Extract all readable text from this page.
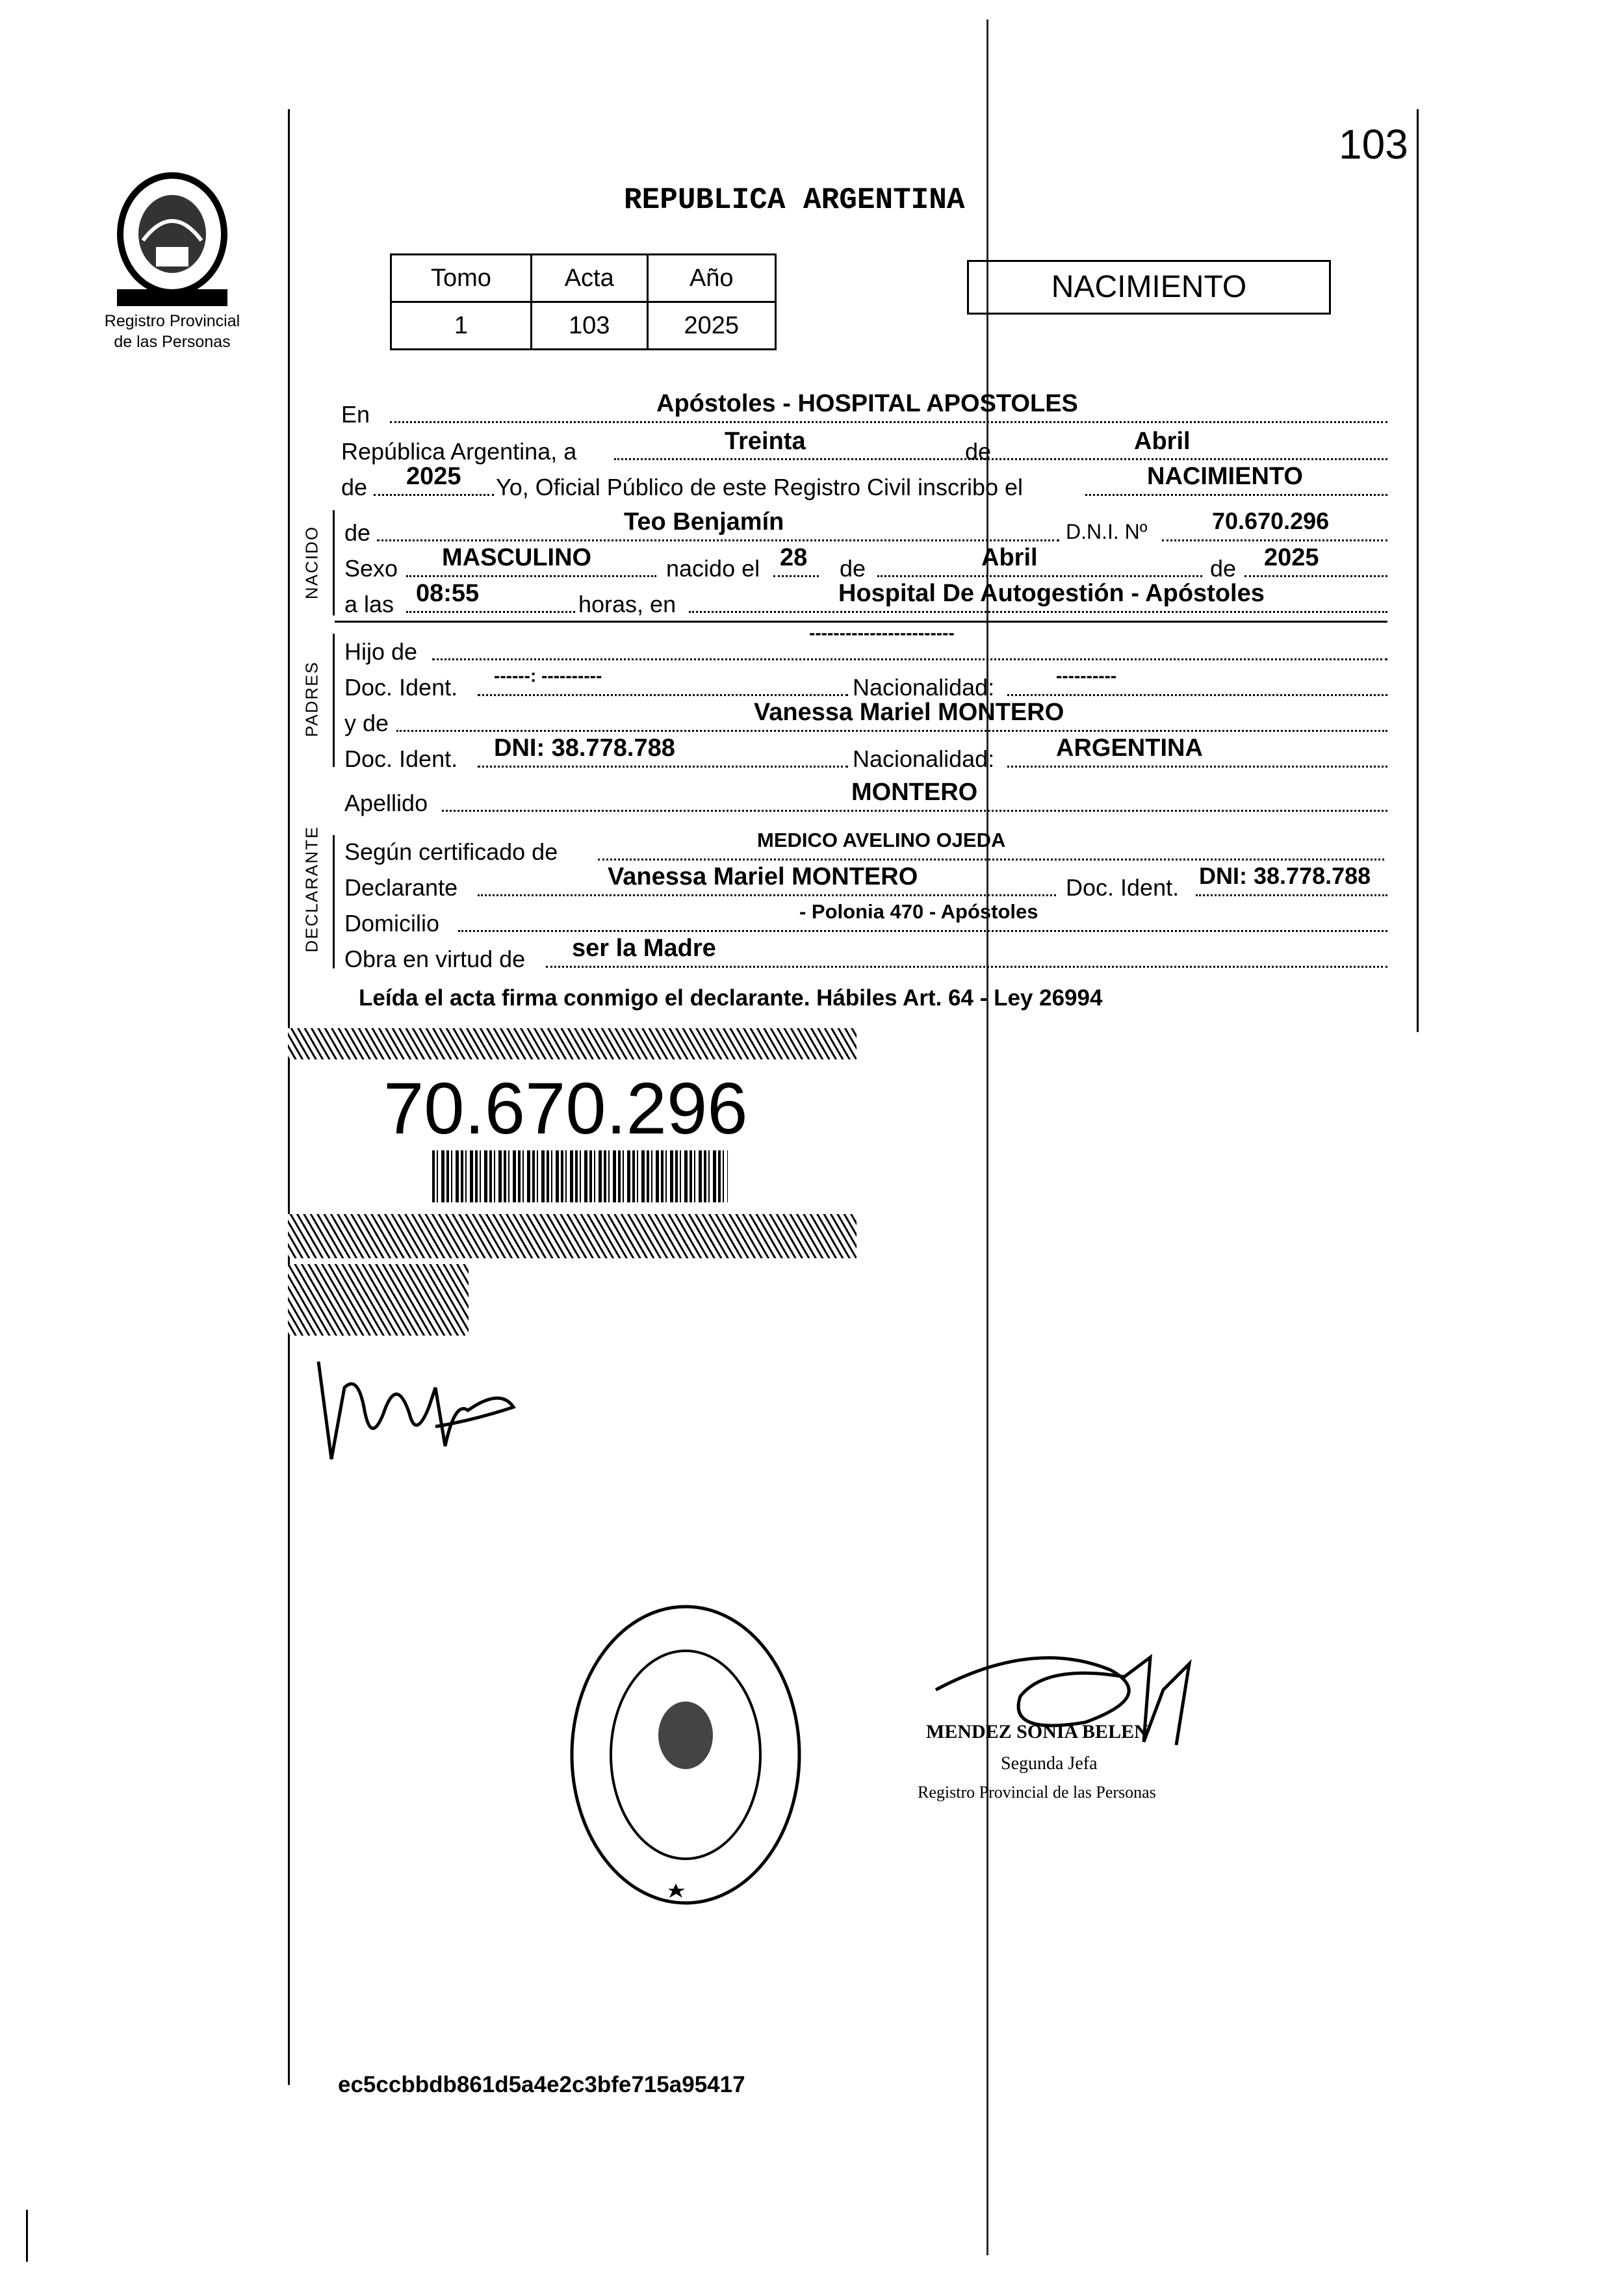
103
Registro Provincial
de las Personas
REPUBLICA ARGENTINA
Tomo	Acta	Año
1	103	2025
NACIMIENTO
En	Apóstoles - HOSPITAL APOSTOLES
República Argentina, a	Treinta	de	Abril
de 2025 Yo, Oficial Público de este Registro Civil inscribo el	NACIMIENTO
NACIDO de	Teo Benjamín	D.N.I. Nº	70.670.296
Sexo MASCULINO	nacido el 28 de	Abril	de 2025
a las 08:55	horas, en	Hospital De Autogestión - Apóstoles
PADRES
Hijo de
------------------------
Doc. Ident. ------: ----------	Nacionalidad:	----------
y de	Vanessa Mariel MONTERO
Doc. Ident. DNI: 38.778.788	Nacionalidad: ARGENTINA
Apellido	MONTERO
DECLARANTE Según certificado de	MEDICO AVELINO OJEDA
Declarante	Vanessa Mariel MONTERO	Doc. Ident. DNI: 38.778.788
Domicilio	- Polonia 470 - Apóstoles
Obra en virtud de ser la Madre
Leída el acta firma conmigo el declarante. Hábiles Art. 64 - Ley 26994
70.670.296
MENDEZ SONIA BELEN
Segunda Jefa
Registro Provincial de las Personas
ec5ccbbdb861d5a4e2c3bfe715a95417
